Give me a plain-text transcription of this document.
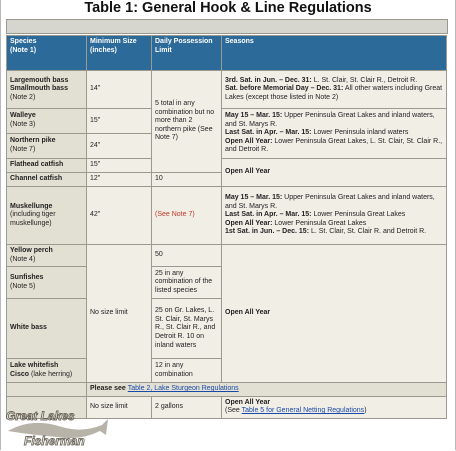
Table 1: General Hook & Line Regulations
Species
(Note 1)	Minimum Size (inches)	Daily Possession Limit	Seasons
Largemouth bass Smallmouth bass
(Note 2)	14"	5 total in any combination but no more than 2 northern pike (See Note 7)	3rd. Sat. in Jun. – Dec. 31: L. St. Clair, St. Clair R., Detroit R.
Sat. before Memorial Day – Dec. 31: All other waters including Great Lakes (except those listed in Note 2)
Walleye
(Note 3)	15"		May 15 – Mar. 15: Upper Peninsula Great Lakes and inland waters, and St. Marys R.
Last Sat. in Apr. – Mar. 15: Lower Peninsula inland waters
Open All Year: Lower Peninsula Great Lakes, L. St. Clair, St. Clair R., and Detroit R.
Northern pike
(Note 7)	24"		
Flathead catfish	15"		Open All Year
Channel catfish	12"	10	
Muskellunge
(including tiger muskellunge)	42"	(See Note 7)	May 15 – Mar. 15: Upper Peninsula Great Lakes and inland waters, and St. Marys R.
Last Sat. in Apr. – Mar. 15: Lower Peninsula Great Lakes
Open All Year: Lower Peninsula Great Lakes
1st Sat. in Jun. – Dec. 15: L. St. Clair, St. Clair R. and Detroit R.
Yellow perch
(Note 4)	No size limit	50	Open All Year
Sunfishes
(Note 5)		25 in any combination of the listed species	
White bass		25 on Gr. Lakes, L. St. Clair, St. Marys R., St. Clair R., and Detroit R. 10 on inland waters	
Lake whitefish
Cisco (lake herring)		12 in any combination	
	Please see Table 2, Lake Sturgeon Regulations		
	No size limit	2 gallons	Open All Year
(See Table 5 for General Netting Regulations)
Great Lakes
Fisherman
